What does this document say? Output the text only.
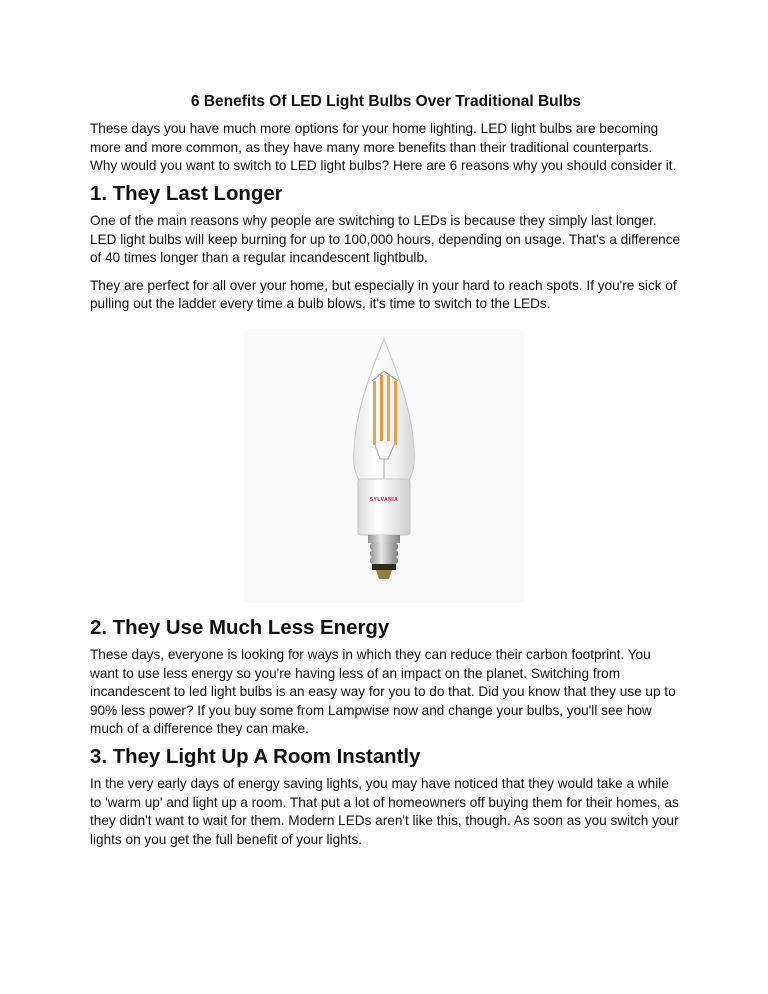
6 Benefits Of LED Light Bulbs Over Traditional Bulbs

These days you have much more options for your home lighting. LED light bulbs are becoming more and more common, as they have many more benefits than their traditional counterparts. Why would you want to switch to LED light bulbs? Here are 6 reasons why you should consider it.

1. They Last Longer

One of the main reasons why people are switching to LEDs is because they simply last longer. LED light bulbs will keep burning for up to 100,000 hours, depending on usage. That's a difference of 40 times longer than a regular incandescent lightbulb.

They are perfect for all over your home, but especially in your hard to reach spots. If you're sick of pulling out the ladder every time a bulb blows, it's time to switch to the LEDs.

SYLVANIA
2. They Use Much Less Energy

These days, everyone is looking for ways in which they can reduce their carbon footprint. You want to use less energy so you're having less of an impact on the planet. Switching from incandescent to led light bulbs is an easy way for you to do that. Did you know that they use up to 90% less power? If you buy some from Lampwise now and change your bulbs, you'll see how much of a difference they can make.

3. They Light Up A Room Instantly

In the very early days of energy saving lights, you may have noticed that they would take a while to 'warm up' and light up a room. That put a lot of homeowners off buying them for their homes, as they didn't want to wait for them. Modern LEDs aren't like this, though. As soon as you switch your lights on you get the full benefit of your lights.
